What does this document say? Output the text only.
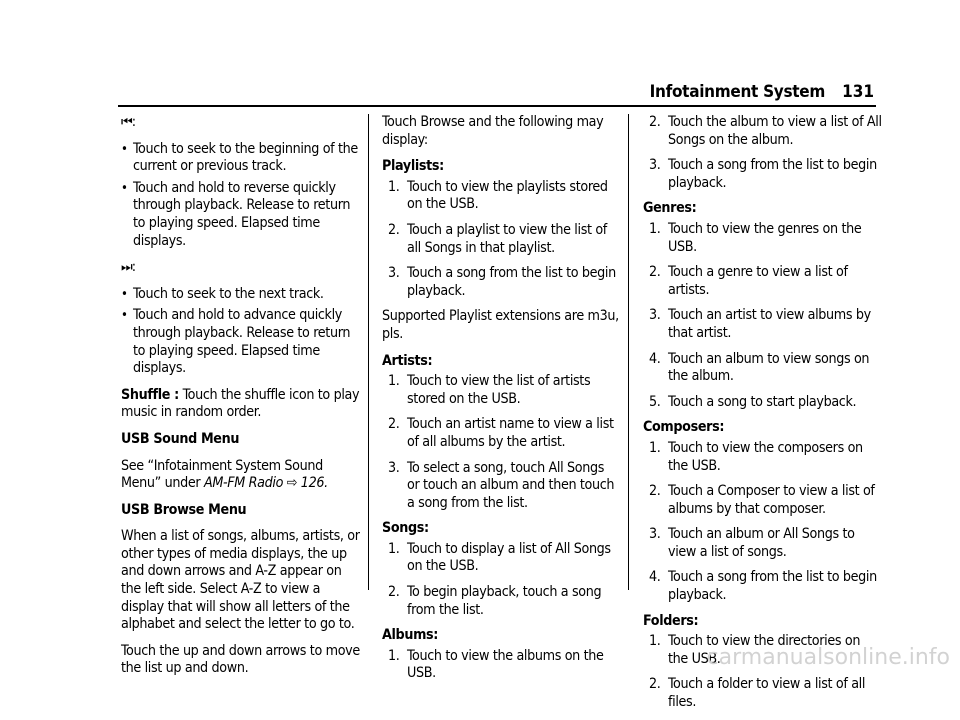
Infotainment System 131

⏮:

• Touch to seek to the beginning of the current or previous track.
• Touch and hold to reverse quickly through playback. Release to return to playing speed. Elapsed time displays.

⏭:

• Touch to seek to the next track.
• Touch and hold to advance quickly through playback. Release to return to playing speed. Elapsed time displays.

Shuffle : Touch the shuffle icon to play music in random order.

USB Sound Menu

See “Infotainment System Sound Menu” under AM-FM Radio ⇨ 126.

USB Browse Menu

When a list of songs, albums, artists, or other types of media displays, the up and down arrows and A-Z appear on the left side. Select A-Z to view a display that will show all letters of the alphabet and select the letter to go to.

Touch the up and down arrows to move the list up and down.

Touch Browse and the following may display:

Playlists:

1. Touch to view the playlists stored on the USB.
2. Touch a playlist to view the list of all Songs in that playlist.
3. Touch a song from the list to begin playback.

Supported Playlist extensions are m3u, pls.

Artists:

1. Touch to view the list of artists stored on the USB.
2. Touch an artist name to view a list of all albums by the artist.
3. To select a song, touch All Songs or touch an album and then touch a song from the list.

Songs:

1. Touch to display a list of All Songs on the USB.
2. To begin playback, touch a song from the list.

Albums:

1. Touch to view the albums on the USB.
2. Touch the album to view a list of All Songs on the album.
3. Touch a song from the list to begin playback.

Genres:

1. Touch to view the genres on the USB.
2. Touch a genre to view a list of artists.
3. Touch an artist to view albums by that artist.
4. Touch an album to view songs on the album.
5. Touch a song to start playback.

Composers:

1. Touch to view the composers on the USB.
2. Touch a Composer to view a list of albums by that composer.
3. Touch an album or All Songs to view a list of songs.
4. Touch a song from the list to begin playback.

Folders:

1. Touch to view the directories on the USB.
2. Touch a folder to view a list of all files.
carmanualsonline.info
